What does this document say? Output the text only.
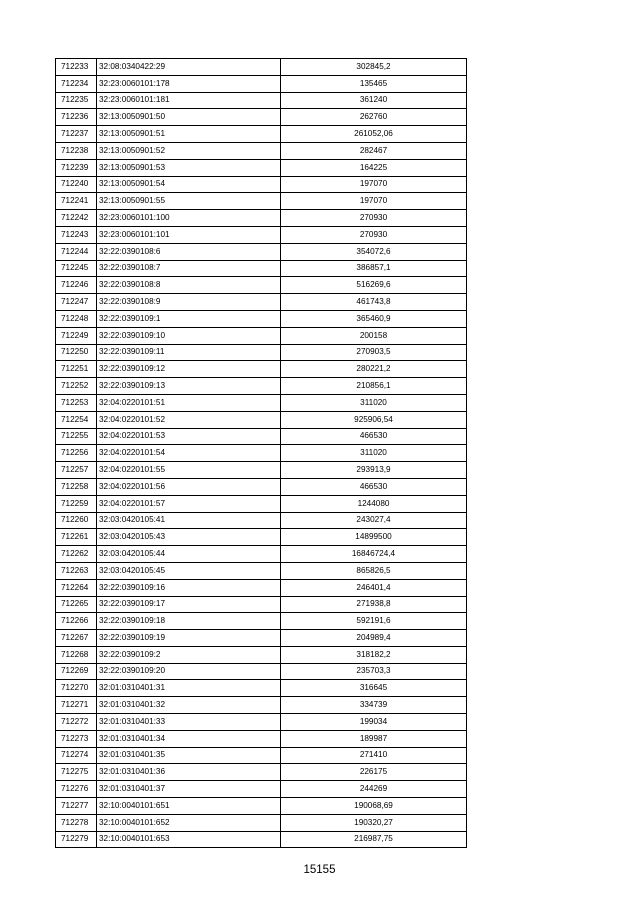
712233	32:08:0340422:29	302845,2
712234	32:23:0060101:178	135465
712235	32:23:0060101:181	361240
712236	32:13:0050901:50	262760
712237	32:13:0050901:51	261052,06
712238	32:13:0050901:52	282467
712239	32:13:0050901:53	164225
712240	32:13:0050901:54	197070
712241	32:13:0050901:55	197070
712242	32:23:0060101:100	270930
712243	32:23:0060101:101	270930
712244	32:22:0390108:6	354072,6
712245	32:22:0390108:7	386857,1
712246	32:22:0390108:8	516269,6
712247	32:22:0390108:9	461743,8
712248	32:22:0390109:1	365460,9
712249	32:22:0390109:10	200158
712250	32:22:0390109:11	270903,5
712251	32:22:0390109:12	280221,2
712252	32:22:0390109:13	210856,1
712253	32:04:0220101:51	311020
712254	32:04:0220101:52	925906,54
712255	32:04:0220101:53	466530
712256	32:04:0220101:54	311020
712257	32:04:0220101:55	293913,9
712258	32:04:0220101:56	466530
712259	32:04:0220101:57	1244080
712260	32:03:0420105:41	243027,4
712261	32:03:0420105:43	14899500
712262	32:03:0420105:44	16846724,4
712263	32:03:0420105:45	865826,5
712264	32:22:0390109:16	246401,4
712265	32:22:0390109:17	271938,8
712266	32:22:0390109:18	592191,6
712267	32:22:0390109:19	204989,4
712268	32:22:0390109:2	318182,2
712269	32:22:0390109:20	235703,3
712270	32:01:0310401:31	316645
712271	32:01:0310401:32	334739
712272	32:01:0310401:33	199034
712273	32:01:0310401:34	189987
712274	32:01:0310401:35	271410
712275	32:01:0310401:36	226175
712276	32:01:0310401:37	244269
712277	32:10:0040101:651	190068,69
712278	32:10:0040101:652	190320,27
712279	32:10:0040101:653	216987,75
15155
